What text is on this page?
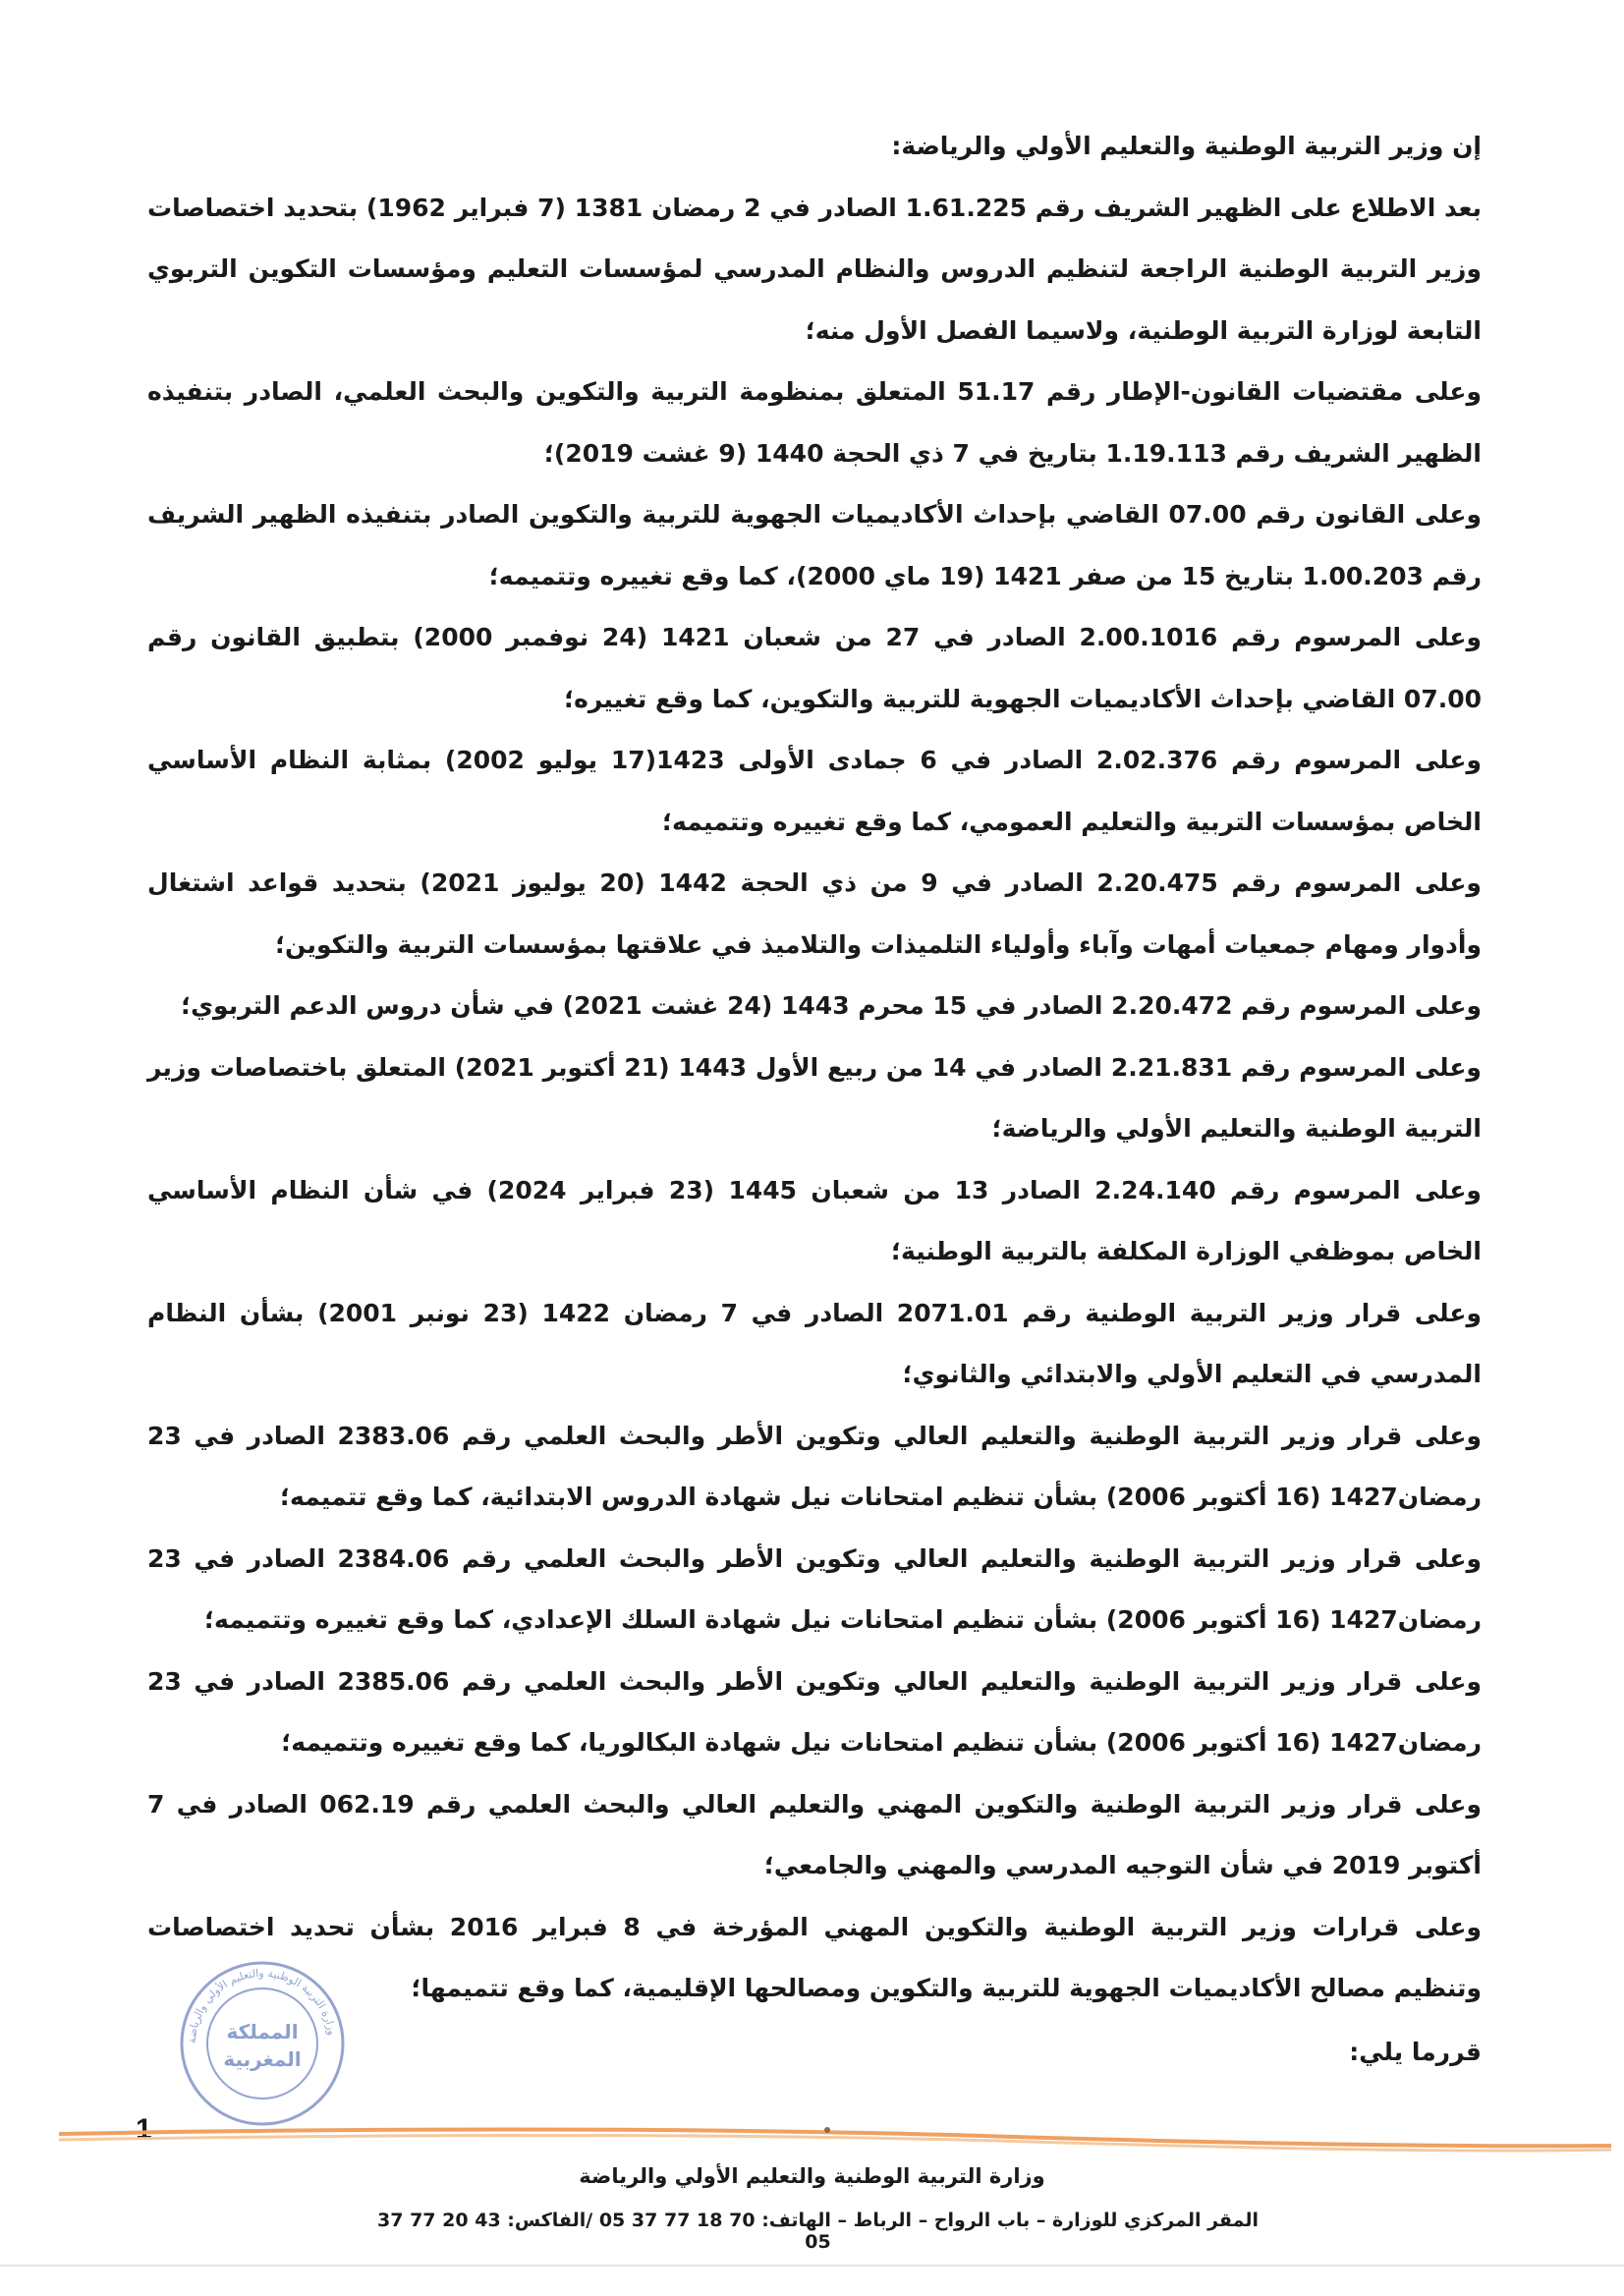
إن وزير التربية الوطنية والتعليم الأولي والرياضة:

بعد الاطلاع على الظهير الشريف رقم 1.61.225 الصادر في 2 رمضان 1381 (7 فبراير 1962) بتحديد اختصاصات وزير التربية الوطنية الراجعة لتنظيم الدروس والنظام المدرسي لمؤسسات التعليم ومؤسسات التكوين التربوي التابعة لوزارة التربية الوطنية، ولاسيما الفصل الأول منه؛

وعلى مقتضيات القانون-الإطار رقم 51.17 المتعلق بمنظومة التربية والتكوين والبحث العلمي، الصادر بتنفيذه الظهير الشريف رقم 1.19.113 بتاريخ في 7 ذي الحجة 1440 (9 غشت 2019)؛

وعلى القانون رقم 07.00 القاضي بإحداث الأكاديميات الجهوية للتربية والتكوين الصادر بتنفيذه الظهير الشريف رقم 1.00.203 بتاريخ 15 من صفر 1421 (19 ماي 2000)، كما وقع تغييره وتتميمه؛

وعلى المرسوم رقم 2.00.1016 الصادر في 27 من شعبان 1421 (24 نوفمبر 2000) بتطبيق القانون رقم 07.00 القاضي بإحداث الأكاديميات الجهوية للتربية والتكوين، كما وقع تغييره؛

وعلى المرسوم رقم 2.02.376 الصادر في 6 جمادى الأولى 1423(17 يوليو 2002) بمثابة النظام الأساسي الخاص بمؤسسات التربية والتعليم العمومي، كما وقع تغييره وتتميمه؛

وعلى المرسوم رقم 2.20.475 الصادر في 9 من ذي الحجة 1442 (20 يوليوز 2021) بتحديد قواعد اشتغال وأدوار ومهام جمعيات أمهات وآباء وأولياء التلميذات والتلاميذ في علاقتها بمؤسسات التربية والتكوين؛

وعلى المرسوم رقم 2.20.472 الصادر في 15 محرم 1443 (24 غشت 2021) في شأن دروس الدعم التربوي؛

وعلى المرسوم رقم 2.21.831 الصادر في 14 من ربيع الأول 1443 (21 أكتوبر 2021) المتعلق باختصاصات وزير التربية الوطنية والتعليم الأولي والرياضة؛

وعلى المرسوم رقم 2.24.140 الصادر 13 من شعبان 1445 (23 فبراير 2024) في شأن النظام الأساسي الخاص بموظفي الوزارة المكلفة بالتربية الوطنية؛

وعلى قرار وزير التربية الوطنية رقم 2071.01 الصادر في 7 رمضان 1422 (23 نونبر 2001) بشأن النظام المدرسي في التعليم الأولي والابتدائي والثانوي؛

وعلى قرار وزير التربية الوطنية والتعليم العالي وتكوين الأطر والبحث العلمي رقم 2383.06 الصادر في 23 رمضان1427 (16 أكتوبر 2006) بشأن تنظيم امتحانات نيل شهادة الدروس الابتدائية، كما وقع تتميمه؛

وعلى قرار وزير التربية الوطنية والتعليم العالي وتكوين الأطر والبحث العلمي رقم 2384.06 الصادر في 23 رمضان1427 (16 أكتوبر 2006) بشأن تنظيم امتحانات نيل شهادة السلك الإعدادي، كما وقع تغييره وتتميمه؛

وعلى قرار وزير التربية الوطنية والتعليم العالي وتكوين الأطر والبحث العلمي رقم 2385.06 الصادر في 23 رمضان1427 (16 أكتوبر 2006) بشأن تنظيم امتحانات نيل شهادة البكالوريا، كما وقع تغييره وتتميمه؛

وعلى قرار وزير التربية الوطنية والتكوين المهني والتعليم العالي والبحث العلمي رقم 062.19 الصادر في 7 أكتوبر 2019 في شأن التوجيه المدرسي والمهني والجامعي؛

وعلى قرارات وزير التربية الوطنية والتكوين المهني المؤرخة في 8 فبراير 2016 بشأن تحديد اختصاصات وتنظيم مصالح الأكاديميات الجهوية للتربية والتكوين ومصالحها الإقليمية، كما وقع تتميمها؛

قررما يلي:

وزارة التربية الوطنية والتعليم الأولي والرياضة
المملكة
المغربية
1
وزارة التربية الوطنية والتعليم الأولي والرياضة
المقر المركزي للوزارة – باب الرواح – الرباط – الهاتف: 70 18 77 37 05 /الفاكس: 43 20 77 37 05
